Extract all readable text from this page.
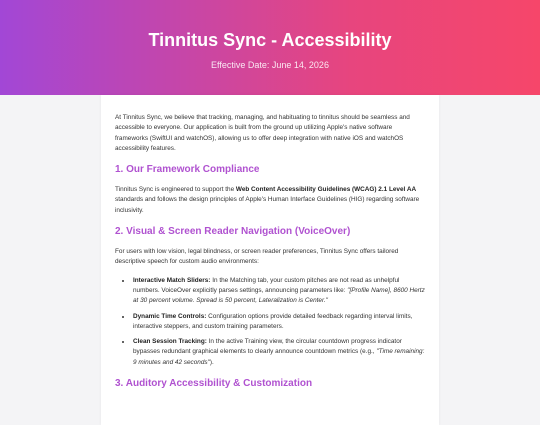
Tinnitus Sync - Accessibility
Effective Date: June 14, 2026

At Tinnitus Sync, we believe that tracking, managing, and habituating to tinnitus should be seamless and accessible to everyone. Our application is built from the ground up utilizing Apple's native software frameworks (SwiftUI and watchOS), allowing us to offer deep integration with native iOS and watchOS accessibility features.

1. Our Framework Compliance

Tinnitus Sync is engineered to support the Web Content Accessibility Guidelines (WCAG) 2.1 Level AA standards and follows the design principles of Apple's Human Interface Guidelines (HIG) regarding software inclusivity.

2. Visual & Screen Reader Navigation (VoiceOver)

For users with low vision, legal blindness, or screen reader preferences, Tinnitus Sync offers tailored descriptive speech for custom audio environments:

• Interactive Match Sliders: In the Matching tab, your custom pitches are not read as unhelpful numbers. VoiceOver explicitly parses settings, announcing parameters like: "[Profile Name], 8600 Hertz at 30 percent volume. Spread is 50 percent, Lateralization is Center."
• Dynamic Time Controls: Configuration options provide detailed feedback regarding interval limits, interactive steppers, and custom training parameters.
• Clean Session Tracking: In the active Training view, the circular countdown progress indicator bypasses redundant graphical elements to clearly announce countdown metrics (e.g., "Time remaining: 9 minutes and 42 seconds").
3. Auditory Accessibility & Customization
